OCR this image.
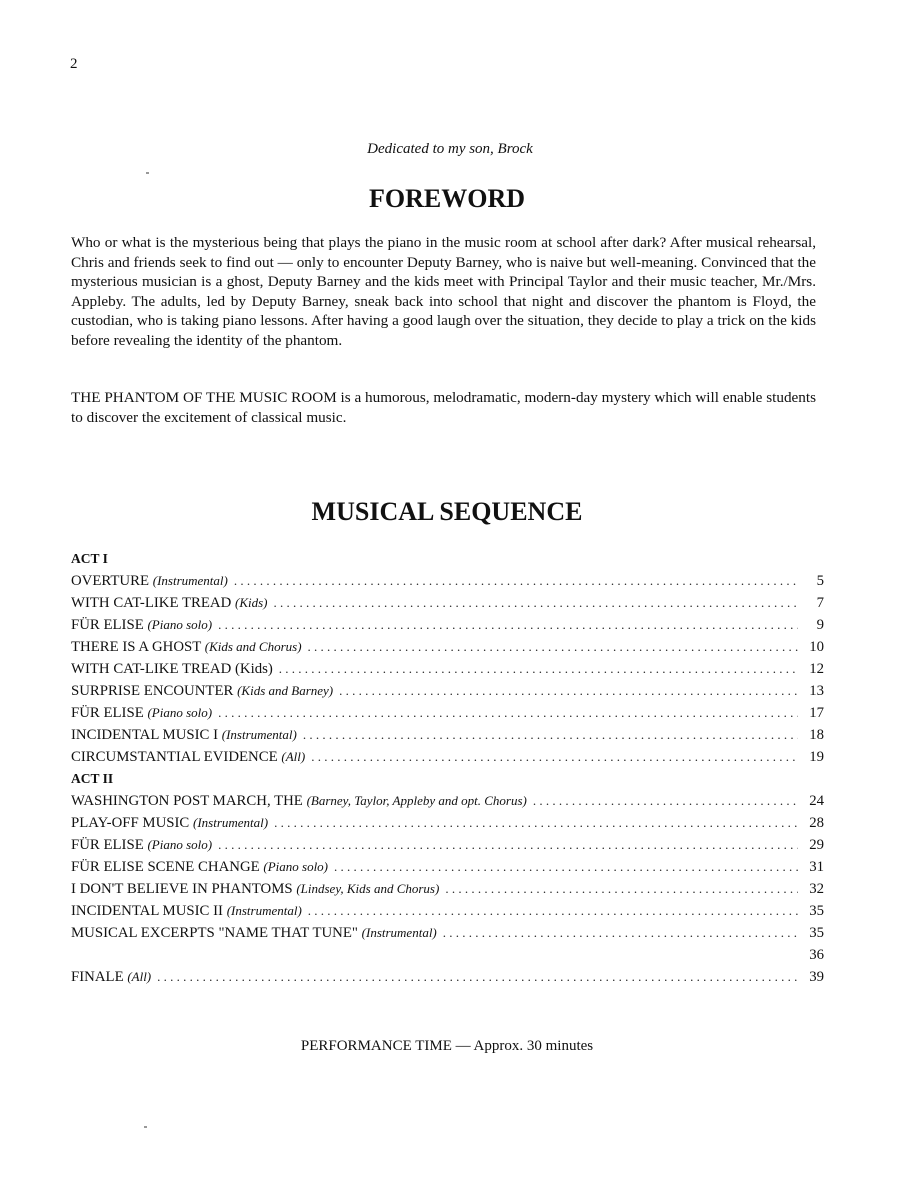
2
Dedicated to my son, Brock
FOREWORD

Who or what is the mysterious being that plays the piano in the music room at school after dark? After musical rehearsal, Chris and friends seek to find out — only to encounter Deputy Barney, who is naive but well-meaning. Convinced that the mysterious musician is a ghost, Deputy Barney and the kids meet with Principal Taylor and their music teacher, Mr./Mrs. Appleby. The adults, led by Deputy Barney, sneak back into school that night and discover the phantom is Floyd, the custodian, who is taking piano lessons. After having a good laugh over the situation, they decide to play a trick on the kids before revealing the identity of the phantom.

THE PHANTOM OF THE MUSIC ROOM is a humorous, melodramatic, modern-day mystery which will enable students to discover the excitement of classical music.

MUSICAL SEQUENCE
ACT I
OVERTURE (Instrumental) . . .	5
WITH CAT-LIKE TREAD (Kids) . . .	7
FÜR ELISE (Piano solo) . . .	9
THERE IS A GHOST (Kids and Chorus) . . .	10
WITH CAT-LIKE TREAD (Kids) . . .	12
SURPRISE ENCOUNTER (Kids and Barney) . . .	13
FÜR ELISE (Piano solo) . . .	17
INCIDENTAL MUSIC I (Instrumental) . . .	18
CIRCUMSTANTIAL EVIDENCE (All) . . .	19
ACT II
WASHINGTON POST MARCH, THE (Barney, Taylor, Appleby and opt. Chorus) . . .	24
PLAY-OFF MUSIC (Instrumental) . . .	28
FÜR ELISE (Piano solo) . . .	29
FÜR ELISE SCENE CHANGE (Piano solo) . . .	31
I DON'T BELIEVE IN PHANTOMS (Lindsey, Kids and Chorus) . . .	32
INCIDENTAL MUSIC II (Instrumental) . . .	35
MUSICAL EXCERPTS "NAME THAT TUNE" (Instrumental) . . .	35
36
FINALE (All) . . .	39
PERFORMANCE TIME — Approx. 30 minutes
